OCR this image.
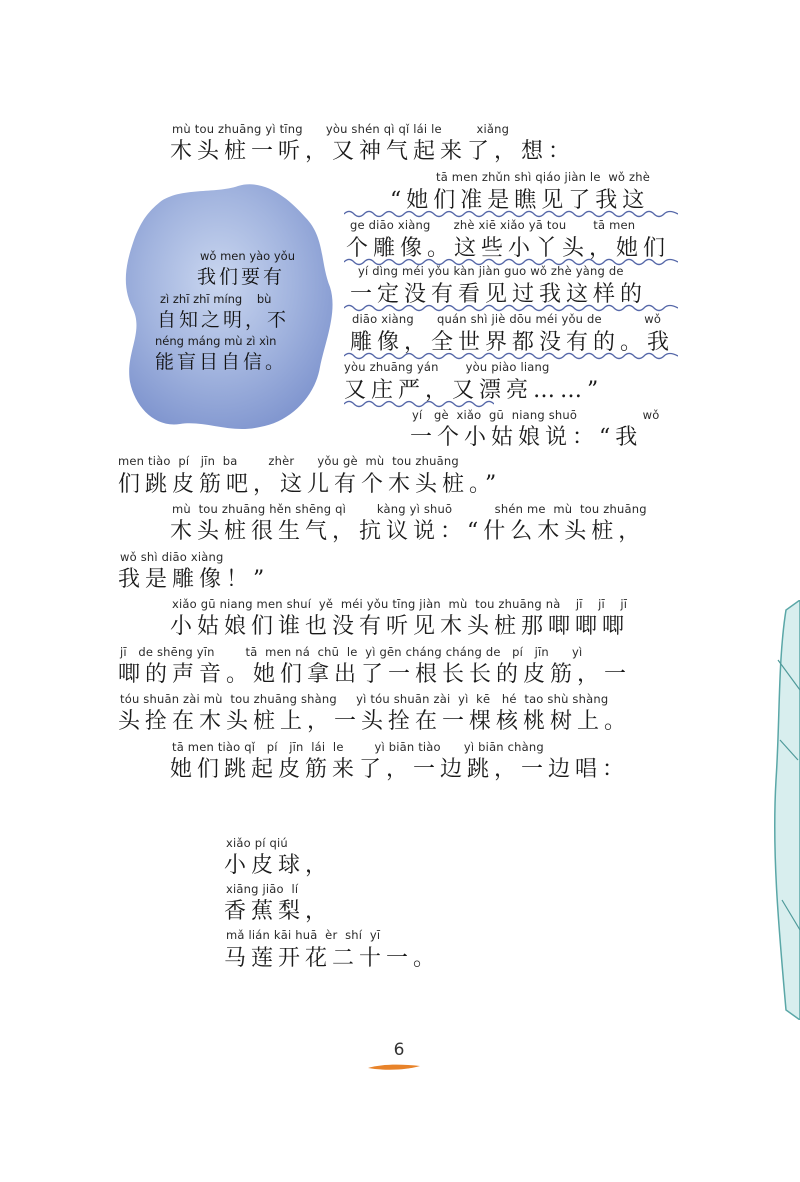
wǒ men yào yǒu
我们要有
zì zhī zhī míng    bù
自知之明，不
néng máng mù zì xìn
能盲目自信。
mù tou zhuāng yì tīng      yòu shén qì qǐ lái le         xiǎng
木头桩一听，又神气起来了，想：
tā men zhǔn shì qiáo jiàn le  wǒ zhè
“她们准是瞧见了我这
ge diāo xiàng      zhè xiē xiǎo yā tou       tā men
个雕像。这些小丫头，她们
yí dìng méi yǒu kàn jiàn guo wǒ zhè yàng de
一定没有看见过我这样的
diāo xiàng      quán shì jiè dōu méi yǒu de           wǒ
雕像，全世界都没有的。我
yòu zhuāng yán       yòu piào liang
又庄严，又漂亮……”
yí   gè  xiǎo  gū  niang shuō                 wǒ
一个小姑娘说：“我
men tiào  pí   jīn  ba        zhèr      yǒu gè  mù  tou zhuāng
们跳皮筋吧，这儿有个木头桩。”
mù  tou zhuāng hěn shēng qì        kàng yì shuō           shén me  mù  tou zhuāng
木头桩很生气，抗议说：“什么木头桩，
wǒ shì diāo xiàng
我是雕像！”
xiǎo gū niang men shuí  yě  méi yǒu tīng jiàn  mù  tou zhuāng nà    jī    jī    jī
小姑娘们谁也没有听见木头桩那唧唧唧
jī   de shēng yīn        tā  men ná  chū  le  yì gēn cháng cháng de   pí   jīn      yì
唧的声音。她们拿出了一根长长的皮筋，一
tóu shuān zài mù  tou zhuāng shàng     yì tóu shuān zài  yì  kē   hé  tao shù shàng
头拴在木头桩上，一头拴在一棵核桃树上。
tā men tiào qǐ   pí   jīn  lái  le        yì biān tiào      yì biān chàng
她们跳起皮筋来了，一边跳，一边唱：
xiǎo pí qiú
小皮球，
xiāng jiāo  lí
香蕉梨，
mǎ lián kāi huā  èr  shí  yī
马莲开花二十一。
6
